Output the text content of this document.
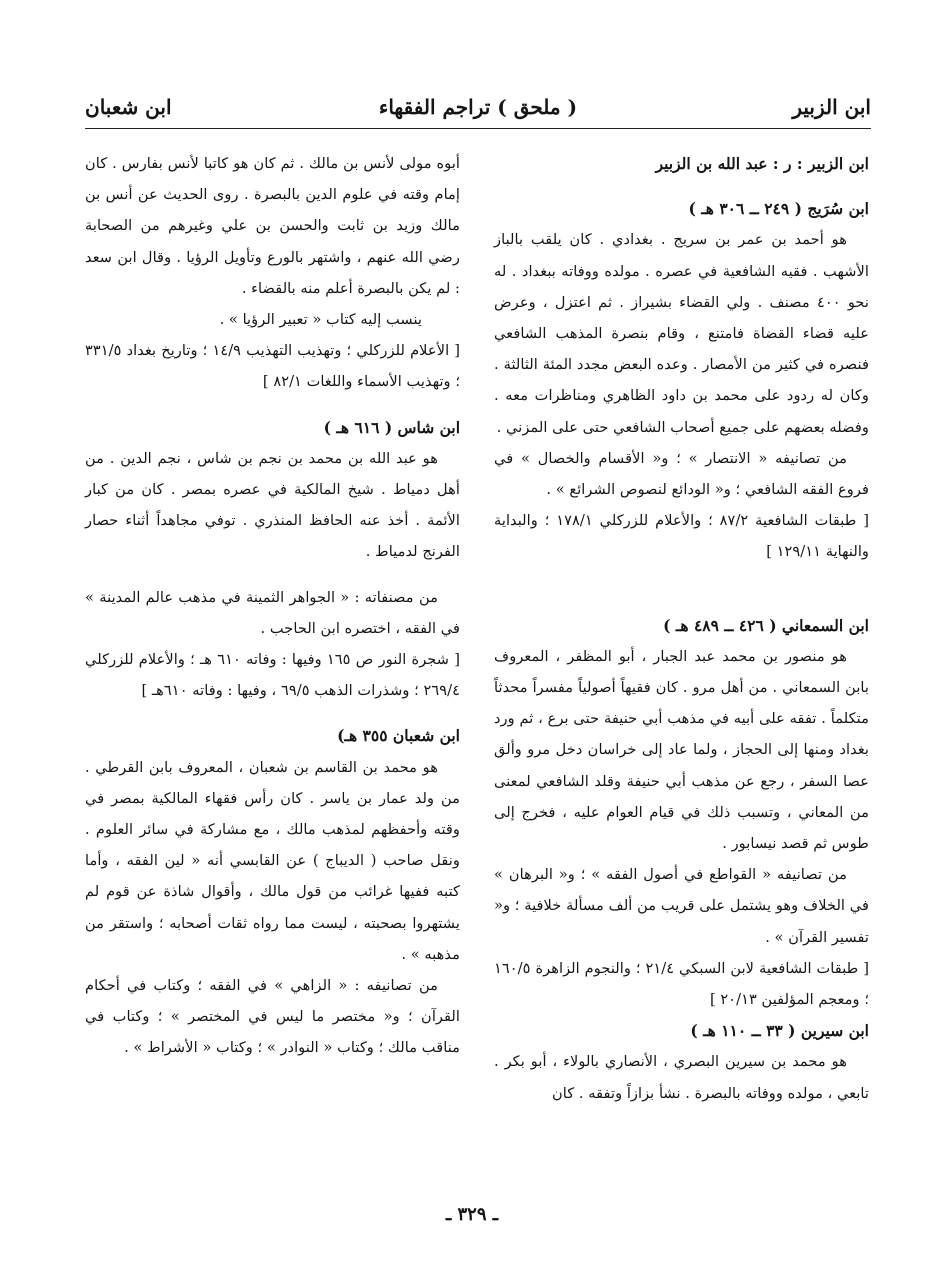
ابن الزبير
( ملحق ) تراجم الفقهاء
ابن شعبان

ابن الزبير : ر : عبد الله بن الزبير

ابن سُرَيج ( ٢٤٩ ــ ٣٠٦ هـ )

هو أحمد بن عمر بن سريج . بغدادي . كان يلقب بالباز الأشهب . فقيه الشافعية في عصره . مولده ووفاته ببغداد . له نحو ٤٠٠ مصنف . ولي القضاء بشيراز . ثم اعتزل ، وعرض عليه قضاء القضاة فامتنع ، وقام بنصرة المذهب الشافعي فنصره في كثير من الأمصار . وعده البعض مجدد المئة الثالثة . وكان له ردود على محمد بن داود الظاهري ومناظرات معه . وفضله بعضهم على جميع أصحاب الشافعي حتى على المزني .

من تصانيفه « الانتصار » ؛ و« الأقسام والخصال » في فروع الفقه الشافعي ؛ و« الودائع لنصوص الشرائع » .

[ طبقات الشافعية ٨٧/٢ ؛ والأعلام للزركلي ١٧٨/١ ؛ والبداية والنهاية ١٢٩/١١ ]

ابن السمعاني ( ٤٢٦ ــ ٤٨٩ هـ )

هو منصور بن محمد عبد الجبار ، أبو المظفر ، المعروف بابن السمعاني . من أهل مرو . كان فقيهاً أصولياً مفسراً محدثاً متكلماً . تفقه على أبيه في مذهب أبي حنيفة حتى برع ، ثم ورد بغداد ومنها إلى الحجاز ، ولما عاد إلى خراسان دخل مرو وألق عصا السفر ، رجع عن مذهب أبي حنيفة وقلد الشافعي لمعنى من المعاني ، وتسبب ذلك في قيام العوام عليه ، فخرج إلى طوس ثم قصد نيسابور .

من تصانيفه « القواطع في أصول الفقه » ؛ و« البرهان » في الخلاف وهو يشتمل على قريب من ألف مسألة خلافية ؛ و« تفسير القرآن » .

[ طبقات الشافعية لابن السبكي ٢١/٤ ؛ والنجوم الزاهرة ١٦٠/٥ ؛ ومعجم المؤلفين ٢٠/١٣ ]

ابن سيرين ( ٣٣ ــ ١١٠ هـ )

هو محمد بن سيرين البصري ، الأنصاري بالولاء ، أبو بكر . تابعي ، مولده ووفاته بالبصرة . نشأ بزازاً وتفقه . كان

أبوه مولى لأنس بن مالك . ثم كان هو كاتبا لأنس بفارس . كان إمام وقته في علوم الدين بالبصرة . روى الحديث عن أنس بن مالك وزيد بن ثابت والحسن بن علي وغيرهم من الصحابة رضي الله عنهم ، واشتهر بالورع وتأويل الرؤيا . وقال ابن سعد : لم يكن بالبصرة أعلم منه بالقضاء .

ينسب إليه كتاب « تعبير الرؤيا » .

[ الأعلام للزركلي ؛ وتهذيب التهذيب ١٤/٩ ؛ وتاريخ بغداد ٣٣١/٥ ؛ وتهذيب الأسماء واللغات ٨٢/١ ]

ابن شاس ( ٦١٦ هـ )

هو عبد الله بن محمد بن نجم بن شاس ، نجم الدين . من أهل دمياط . شيخ المالكية في عصره بمصر . كان من كبار الأئمة . أخذ عنه الحافظ المنذري . توفي مجاهداً أثناء حصار الفرنج لدمياط .

من مصنفاته : « الجواهر الثمينة في مذهب عالم المدينة » في الفقه ، اختصره ابن الحاجب .

[ شجرة النور ص ١٦٥ وفيها : وفاته ٦١٠ هـ ؛ والأعلام للزركلي ٢٦٩/٤ ؛ وشذرات الذهب ٦٩/٥ ، وفيها : وفاته ٦١٠هـ ]

ابن شعبان ٣٥٥ هـ)

هو محمد بن القاسم بن شعبان ، المعروف بابن القرطي . من ولد عمار بن ياسر . كان رأس فقهاء المالكية بمصر في وقته وأحفظهم لمذهب مالك ، مع مشاركة في سائر العلوم . ونقل صاحب ( الديباج ) عن القابسي أنه « لين الفقه ، وأما كتبه ففيها غرائب من قول مالك ، وأقوال شاذة عن قوم لم يشتهروا بصحبته ، ليست مما رواه ثقات أصحابه ؛ واستقر من مذهبه » .

من تصانيفه : « الزاهي » في الفقه ؛ وكتاب في أحكام القرآن ؛ و« مختصر ما ليس في المختصر » ؛ وكتاب في مناقب مالك ؛ وكتاب « النوادر » ؛ وكتاب « الأشراط » .

ـ ٣٢٩ ـ
